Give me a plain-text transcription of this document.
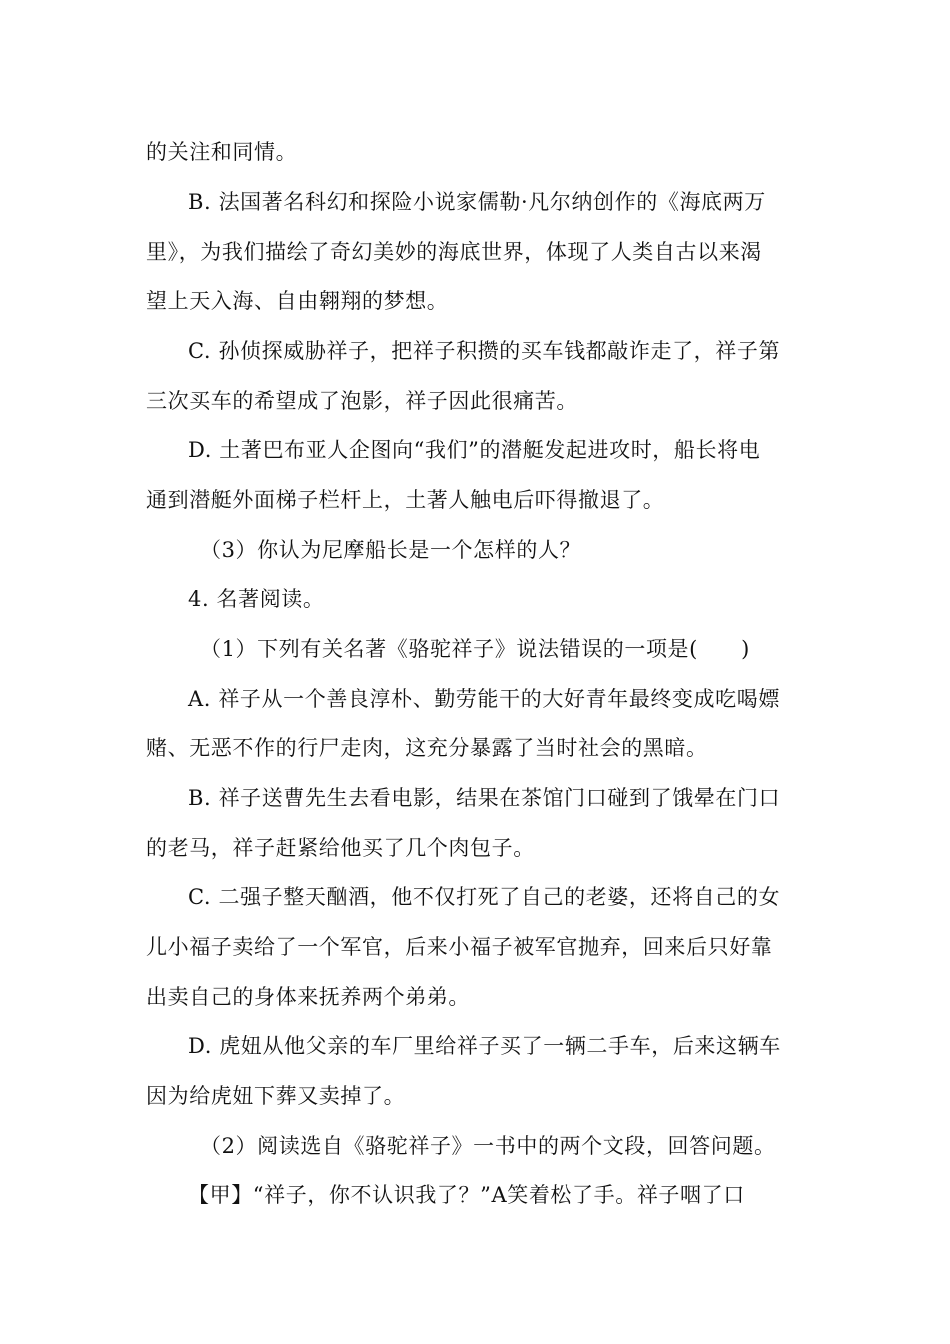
的关注和同情。
B. 法国著名科幻和探险小说家儒勒·凡尔纳创作的《海底两万
里》，为我们描绘了奇幻美妙的海底世界，体现了人类自古以来渴
望上天入海、自由翱翔的梦想。
C. 孙侦探威胁祥子，把祥子积攒的买车钱都敲诈走了，祥子第
三次买车的希望成了泡影，祥子因此很痛苦。
D. 土著巴布亚人企图向“我们”的潜艇发起进攻时，船长将电
通到潜艇外面梯子栏杆上，土著人触电后吓得撤退了。
（3）你认为尼摩船长是一个怎样的人？
4. 名著阅读。
（1）下列有关名著《骆驼祥子》说法错误的一项是(　　)
A. 祥子从一个善良淳朴、勤劳能干的大好青年最终变成吃喝嫖
赌、无恶不作的行尸走肉，这充分暴露了当时社会的黑暗。
B. 祥子送曹先生去看电影，结果在茶馆门口碰到了饿晕在门口
的老马，祥子赶紧给他买了几个肉包子。
C. 二强子整天酗酒，他不仅打死了自己的老婆，还将自己的女
儿小福子卖给了一个军官，后来小福子被军官抛弃，回来后只好靠
出卖自己的身体来抚养两个弟弟。
D. 虎妞从他父亲的车厂里给祥子买了一辆二手车，后来这辆车
因为给虎妞下葬又卖掉了。
（2）阅读选自《骆驼祥子》一书中的两个文段，回答问题。
【甲】“祥子，你不认识我了？”A笑着松了手。祥子咽了口
